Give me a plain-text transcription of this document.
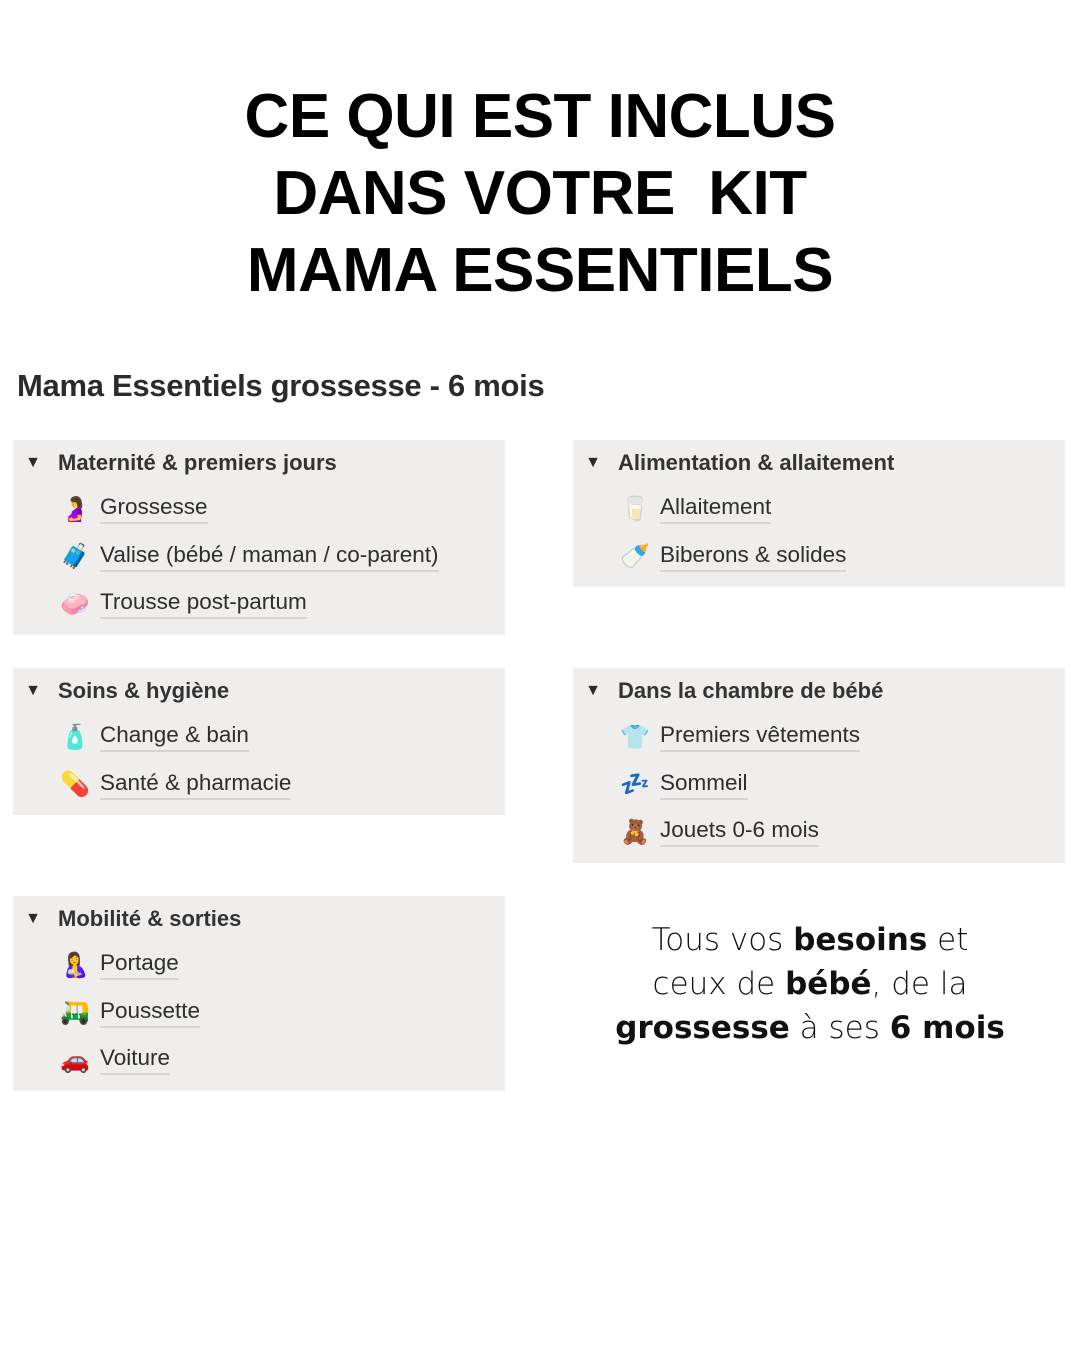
CE QUI EST INCLUS
DANS VOTRE  KIT
MAMA ESSENTIELS
Mama Essentiels grossesse - 6 mois
▼ Maternité & premiers jours
🤰 Grossesse
🧳 Valise (bébé / maman / co-parent)
🧼 Trousse post-partum
▼ Alimentation & allaitement
🥛 Allaitement
🍼 Biberons & solides
▼ Soins & hygiène
🧴 Change & bain
💊 Santé & pharmacie
▼ Dans la chambre de bébé
👕 Premiers vêtements
💤 Sommeil
🧸 Jouets 0-6 mois
▼ Mobilité & sorties
🤱 Portage
🛺 Poussette
🚗 Voiture
Tous vos besoins et
ceux de bébé, de la
grossesse à ses 6 mois
